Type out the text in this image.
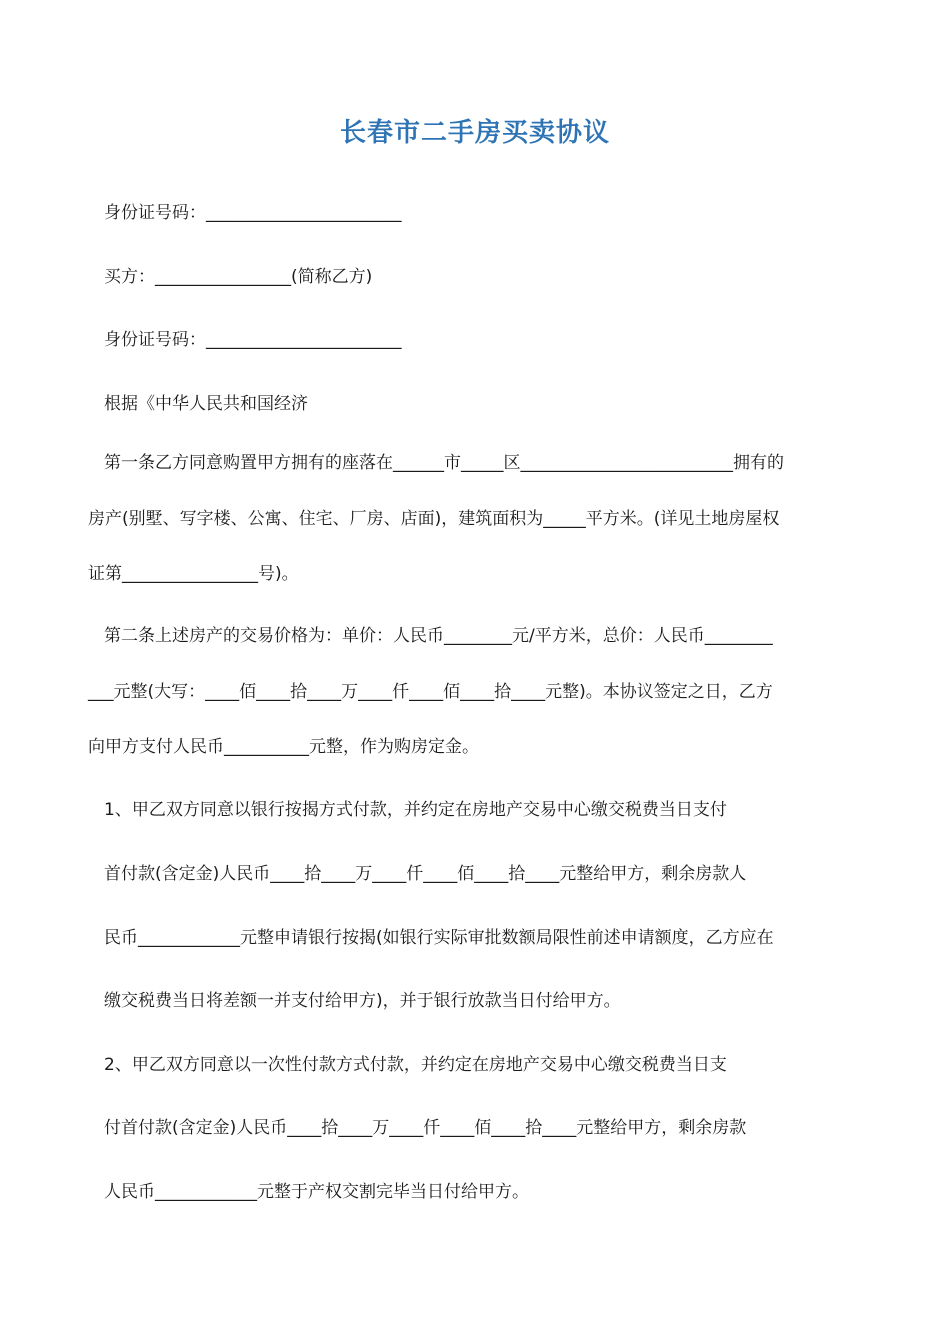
长春市二手房买卖协议

身份证号码：_______________________

买方：________________(简称乙方)

身份证号码：_______________________

根据《中华人民共和国经济

第一条乙方同意购置甲方拥有的座落在______市_____区_________________________拥有的

房产(别墅、写字楼、公寓、住宅、厂房、店面)，建筑面积为_____平方米。(详见土地房屋权

证第________________号)。

第二条上述房产的交易价格为：单价：人民币________元/平方米，总价：人民币________

___元整(大写：____佰____拾____万____仟____佰____拾____元整)。本协议签定之日，乙方

向甲方支付人民币__________元整，作为购房定金。

1、甲乙双方同意以银行按揭方式付款，并约定在房地产交易中心缴交税费当日支付

首付款(含定金)人民币____拾____万____仟____佰____拾____元整给甲方，剩余房款人

民币____________元整申请银行按揭(如银行实际审批数额局限性前述申请额度，乙方应在

缴交税费当日将差额一并支付给甲方)，并于银行放款当日付给甲方。

2、甲乙双方同意以一次性付款方式付款，并约定在房地产交易中心缴交税费当日支

付首付款(含定金)人民币____拾____万____仟____佰____拾____元整给甲方，剩余房款

人民币____________元整于产权交割完毕当日付给甲方。
